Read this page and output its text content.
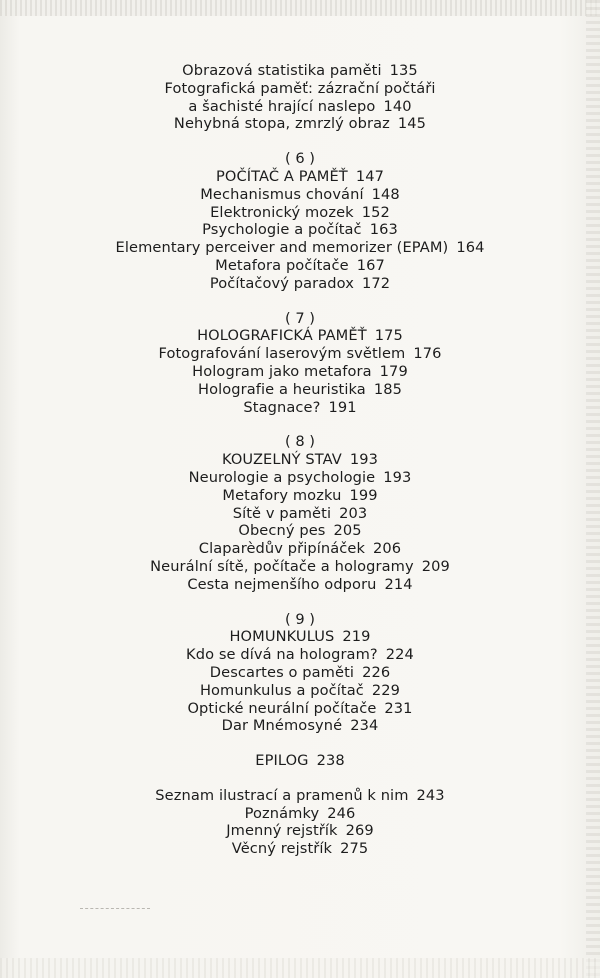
Obrazová statistika paměti 135
Fotografická paměť: zázrační počtáři
a šachisté hrající naslepo 140
Nehybná stopa, zmrzlý obraz 145
( 6 )
POČÍTAČ A PAMĚŤ 147
Mechanismus chování 148
Elektronický mozek 152
Psychologie a počítač 163
Elementary perceiver and memorizer (EPAM) 164
Metafora počítače 167
Počítačový paradox 172
( 7 )
HOLOGRAFICKÁ PAMĚŤ 175
Fotografování laserovým světlem 176
Hologram jako metafora 179
Holografie a heuristika 185
Stagnace? 191
( 8 )
KOUZELNÝ STAV 193
Neurologie a psychologie 193
Metafory mozku 199
Sítě v paměti 203
Obecný pes 205
Claparèdův připínáček 206
Neurální sítě, počítače a hologramy 209
Cesta nejmenšího odporu 214
( 9 )
HOMUNKULUS 219
Kdo se dívá na hologram? 224
Descartes o paměti 226
Homunkulus a počítač 229
Optické neurální počítače 231
Dar Mnémosyné 234
EPILOG 238
Seznam ilustrací a pramenů k nim 243
Poznámky 246
Jmenný rejstřík 269
Věcný rejstřík 275
